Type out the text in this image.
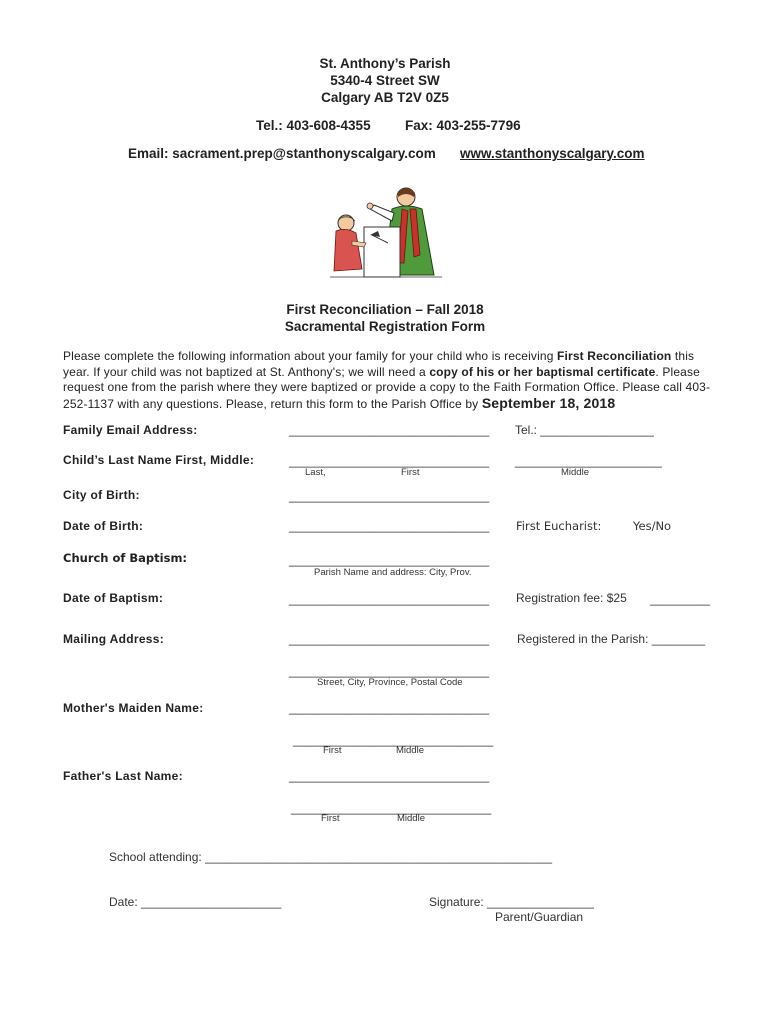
St. Anthony’s Parish
5340-4 Street SW
Calgary AB T2V 0Z5
Tel.: 403-608-4355	Fax: 403-255-7796
Email: sacrament.prep@stanthonyscalgary.com www.stanthonyscalgary.com
First Reconciliation – Fall 2018
Sacramental Registration Form
Please complete the following information about your family for your child who is receiving First Reconciliation this year. If your child was not baptized at St. Anthony's; we will need a copy of his or her baptismal certificate. Please request one from the parish where they were baptized or provide a copy to the Faith Formation Office. Please call 403-252-1137 with any questions. Please, return this form to the Parish Office by September 18, 2018
Family Email Address:	______________________________ Tel.: _________________
Child’s Last Name First, Middle:	______________________________ ______________________
Last,	First	Middle
City of Birth:	______________________________
Date of Birth:	______________________________ First Eucharist:	Yes/No
Church of Baptism:	______________________________
Parish Name and address: City, Prov.
Date of Baptism:	______________________________ Registration fee: $25 _________
Mailing Address:	______________________________ Registered in the Parish: ________
______________________________
Street, City, Province, Postal Code
Mother's Maiden Name:	______________________________
______________________________
First	Middle
Father's Last Name:	______________________________
______________________________
First	Middle
School attending: ____________________________________________________
Date: _____________________	Signature: ________________
Parent/Guardian
